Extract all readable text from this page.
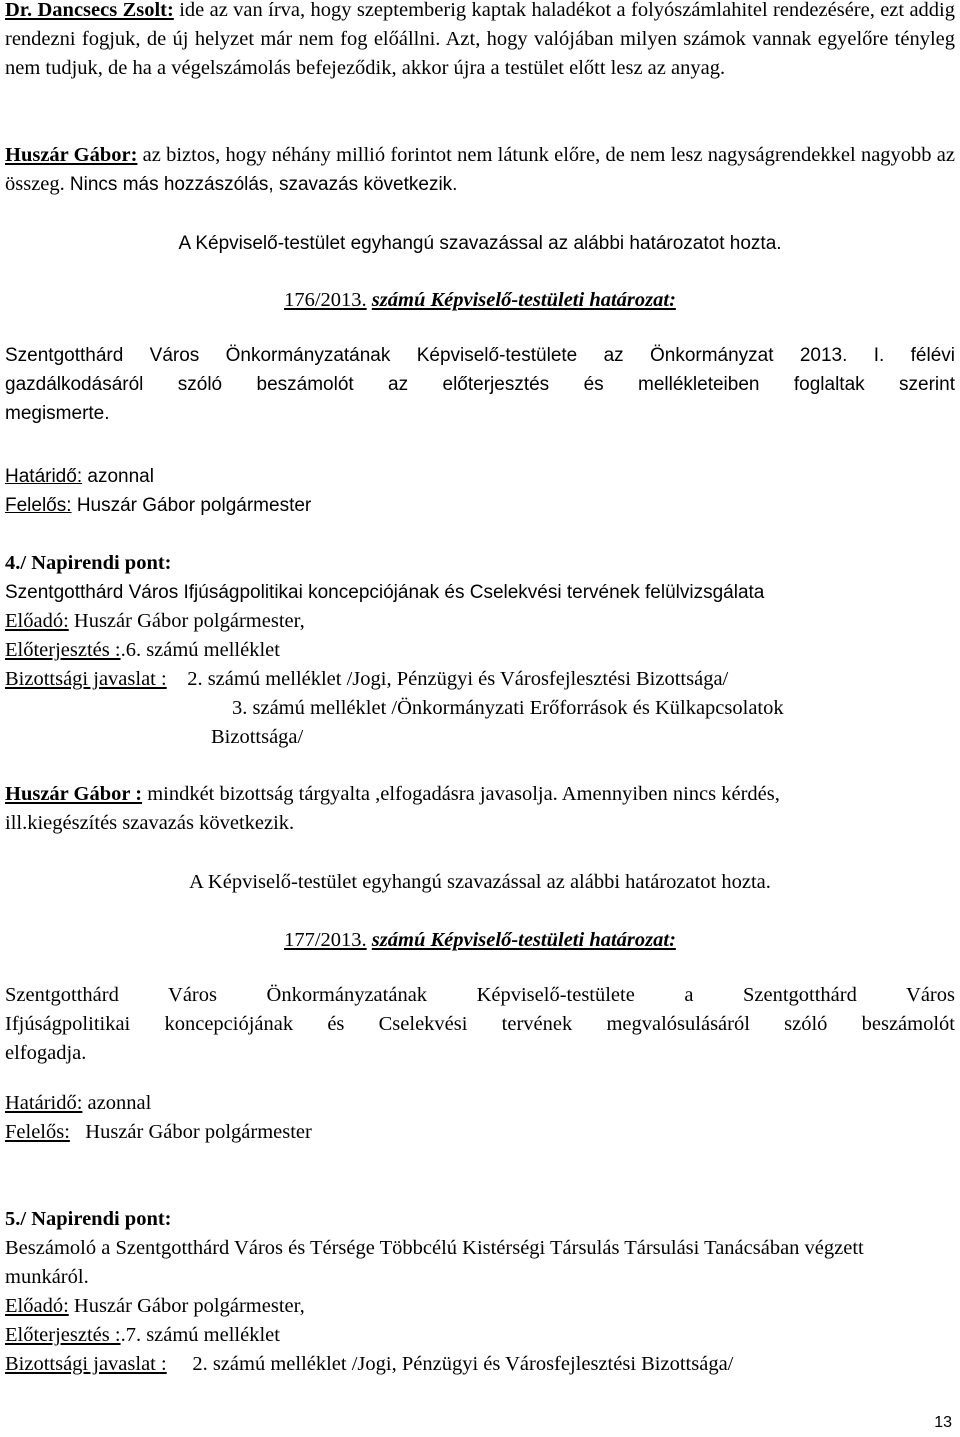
Dr. Dancsecs Zsolt: ide az van írva, hogy szeptemberig kaptak haladékot a folyószámlahitel rendezésére, ezt addig rendezni fogjuk, de új helyzet már nem fog előállni. Azt, hogy valójában milyen számok vannak egyelőre tényleg nem tudjuk, de ha a végelszámolás befejeződik, akkor újra a testület előtt lesz az anyag.

Huszár Gábor: az biztos, hogy néhány millió forintot nem látunk előre, de nem lesz nagyságrendekkel nagyobb az összeg. Nincs más hozzászólás, szavazás következik.

A Képviselő-testület egyhangú szavazással az alábbi határozatot hozta.

176/2013. számú Képviselő-testületi határozat:

Szentgotthárd Város Önkormányzatának Képviselő-testülete az Önkormányzat 2013. I. félévi
gazdálkodásáról szóló beszámolót az előterjesztés és mellékleteiben foglaltak szerint
megismerte.
Határidő: azonnal
Felelős: Huszár Gábor polgármester
4./ Napirendi pont:
Szentgotthárd Város Ifjúságpolitikai koncepciójának és Cselekvési tervének felülvizsgálata
Előadó: Huszár Gábor polgármester,
Előterjesztés :.6. számú melléklet
Bizottsági javaslat : 2. számú melléklet /Jogi, Pénzügyi és Városfejlesztési Bizottsága/
3. számú melléklet /Önkormányzati Erőforrások és Külkapcsolatok
Bizottsága/

Huszár Gábor : mindkét bizottság tárgyalta ,elfogadásra javasolja. Amennyiben nincs kérdés, ill.kiegészítés szavazás következik.

A Képviselő-testület egyhangú szavazással az alábbi határozatot hozta.

177/2013. számú Képviselő-testületi határozat:

Szentgotthárd Város Önkormányzatának Képviselő-testülete a Szentgotthárd Város
Ifjúságpolitikai koncepciójának és Cselekvési tervének megvalósulásáról szóló beszámolót
elfogadja.
Határidő: azonnal
Felelős: Huszár Gábor polgármester
5./ Napirendi pont:
Beszámoló a Szentgotthárd Város és Térsége Többcélú Kistérségi Társulás Társulási Tanácsában végzett munkáról.
Előadó: Huszár Gábor polgármester,
Előterjesztés :.7. számú melléklet
Bizottsági javaslat : 2. számú melléklet /Jogi, Pénzügyi és Városfejlesztési Bizottsága/
13
